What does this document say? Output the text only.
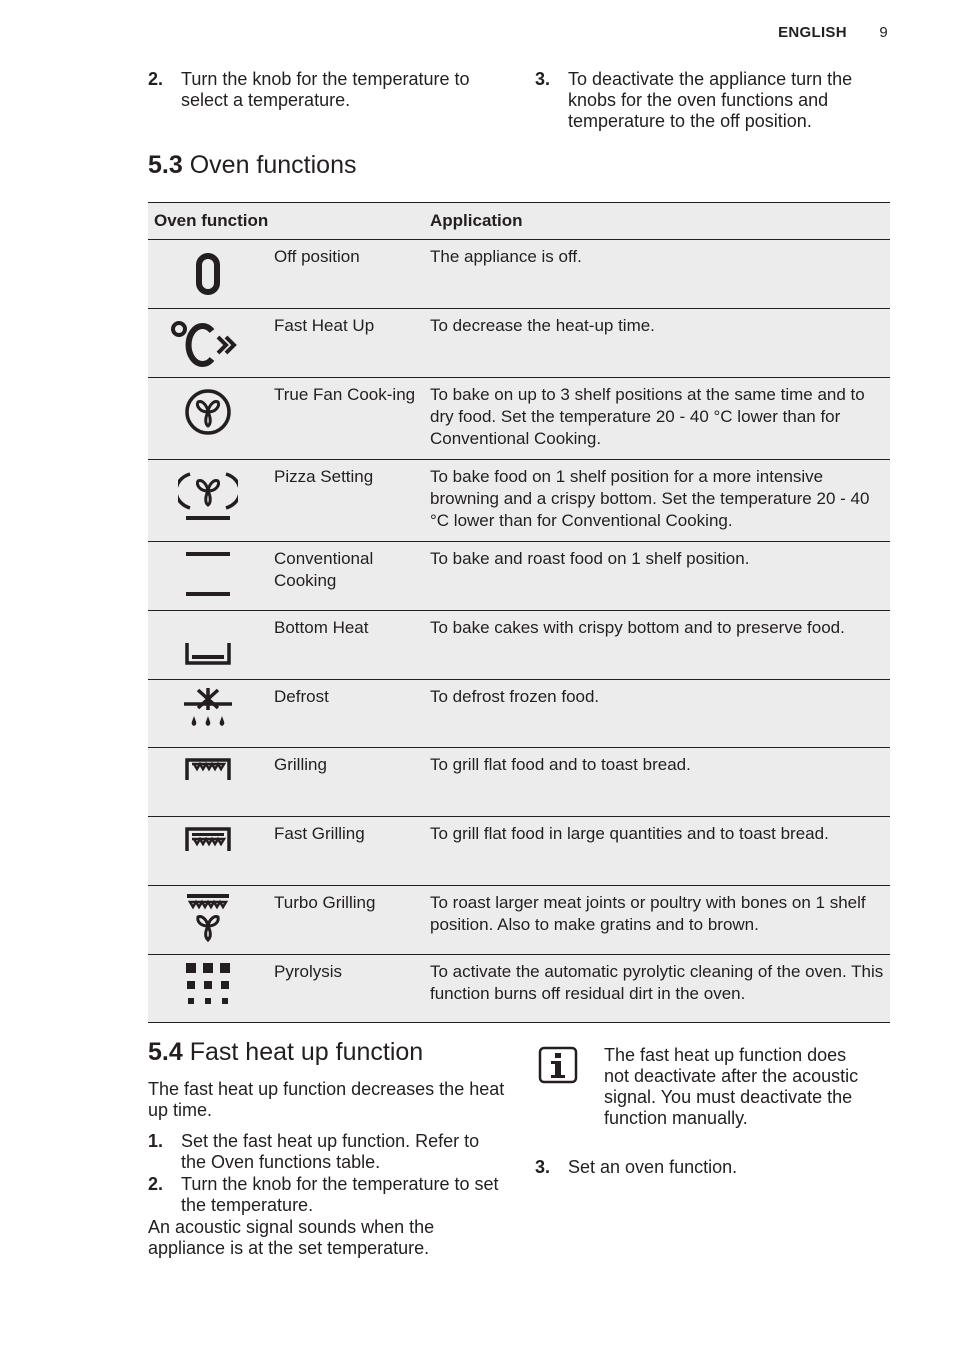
ENGLISH 9
2. Turn the knob for the temperature to select a temperature.
3. To deactivate the appliance turn the knobs for the oven functions and temperature to the off position.
5.3 Oven functions
Oven function		Application

	Off position	The appliance is off.

	Fast Heat Up	To decrease the heat-up time.

	True Fan Cook-ing	To bake on up to 3 shelf positions at the same time and to dry food. Set the temperature 20 - 40 °C lower than for Conventional Cooking.

	Pizza Setting	To bake food on 1 shelf position for a more intensive browning and a crispy bottom. Set the temperature 20 - 40 °C lower than for Conventional Cooking.

	Conventional Cooking	To bake and roast food on 1 shelf position.

	Bottom Heat	To bake cakes with crispy bottom and to preserve food.

	Defrost	To defrost frozen food.

	Grilling	To grill flat food and to toast bread.

	Fast Grilling	To grill flat food in large quantities and to toast bread.

	Turbo Grilling	To roast larger meat joints or poultry with bones on 1 shelf position. Also to make gratins and to brown.

	Pyrolysis	To activate the automatic pyrolytic cleaning of the oven. This function burns off residual dirt in the oven.
5.4 Fast heat up function

The fast heat up function decreases the heat up time.

1. Set the fast heat up function. Refer to the Oven functions table.
2. Turn the knob for the temperature to set the temperature.

An acoustic signal sounds when the appliance is at the set temperature.

The fast heat up function does not deactivate after the acoustic signal. You must deactivate the function manually.

3. Set an oven function.
